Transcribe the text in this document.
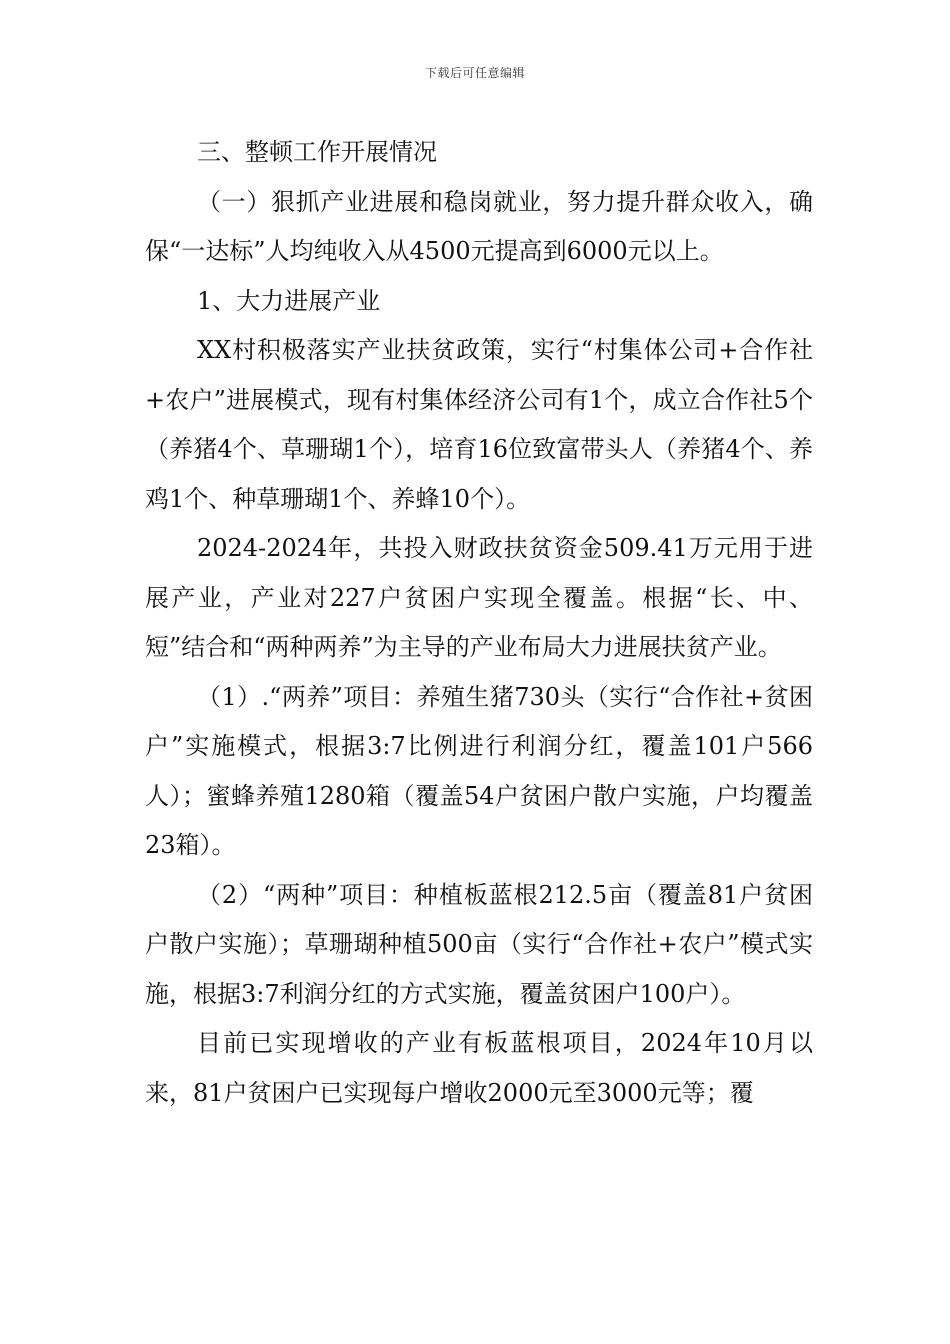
下载后可任意编辑

三、整顿工作开展情况

（一）狠抓产业进展和稳岗就业，努力提升群众收入，确保“一达标”人均纯收入从4500元提高到6000元以上。

1、大力进展产业

XX村积极落实产业扶贫政策，实行“村集体公司+合作社+农户”进展模式，现有村集体经济公司有1个，成立合作社5个（养猪4个、草珊瑚1个），培育16位致富带头人（养猪4个、养鸡1个、种草珊瑚1个、养蜂10个）。

2024-2024年，共投入财政扶贫资金509.41万元用于进展产业，产业对227户贫困户实现全覆盖。根据“长、中、短”结合和“两种两养”为主导的产业布局大力进展扶贫产业。

（1）.“两养”项目：养殖生猪730头（实行“合作社+贫困户”实施模式，根据3:7比例进行利润分红，覆盖101户566人）；蜜蜂养殖1280箱（覆盖54户贫困户散户实施，户均覆盖23箱）。

（2）“两种”项目：种植板蓝根212.5亩（覆盖81户贫困户散户实施）；草珊瑚种植500亩（实行“合作社+农户”模式实施，根据3:7利润分红的方式实施，覆盖贫困户100户）。

目前已实现增收的产业有板蓝根项目，2024年10月以来，81户贫困户已实现每户增收2000元至3000元等；覆
